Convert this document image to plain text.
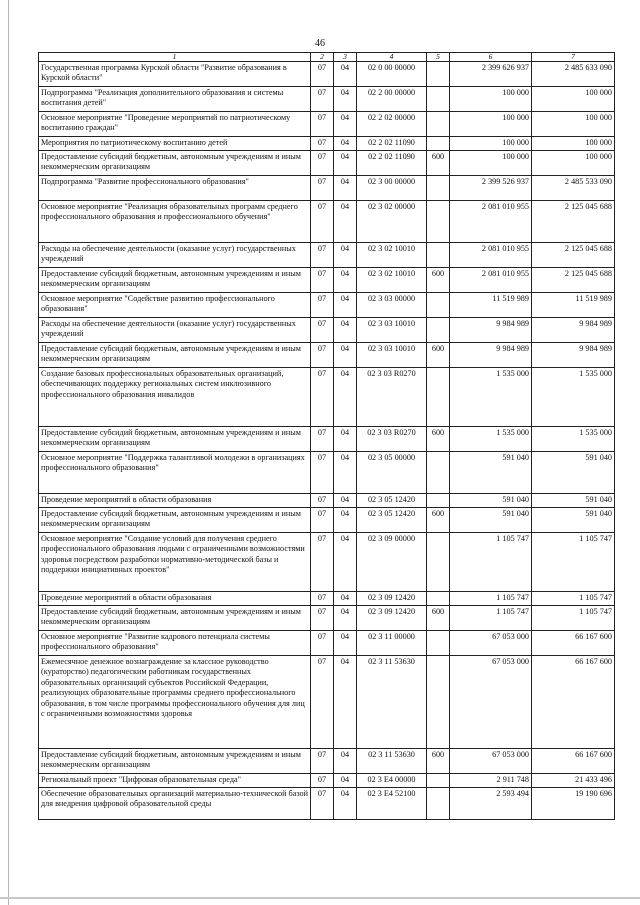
46
1	2	3	4	5	6	7
Государственная программа Курской области "Развитие образования в Курской области"	07	04	02 0 00 00000		2 399 626 937	2 485 633 090
Подпрограмма "Реализация дополнительного образования и системы воспитания детей"	07	04	02 2 00 00000		100 000	100 000
Основное мероприятие "Проведение мероприятий по патриотическому воспитанию граждан"	07	04	02 2 02 00000		100 000	100 000
Мероприятия по патриотическому воспитанию детей	07	04	02 2 02 11090		100 000	100 000
Предоставление субсидий бюджетным, автономным учреждениям и иным некоммерческим организациям	07	04	02 2 02 11090	600	100 000	100 000
Подпрограмма "Развитие профессионального образования"	07	04	02 3 00 00000		2 399 526 937	2 485 533 090
Основное мероприятие "Реализация образовательных программ среднего профессионального образования и профессионального обучения"	07	04	02 3 02 00000		2 081 010 955	2 125 045 688
Расходы на обеспечение деятельности (оказание услуг) государственных учреждений	07	04	02 3 02 10010		2 081 010 955	2 125 045 688
Предоставление субсидий бюджетным, автономным учреждениям и иным некоммерческим организациям	07	04	02 3 02 10010	600	2 081 010 955	2 125 045 688
Основное мероприятие "Содействие развитию профессионального образования"	07	04	02 3 03 00000		11 519 989	11 519 989
Расходы на обеспечение деятельности (оказание услуг) государственных учреждений	07	04	02 3 03 10010		9 984 989	9 984 989
Предоставление субсидий бюджетным, автономным учреждениям и иным некоммерческим организациям	07	04	02 3 03 10010	600	9 984 989	9 984 989
Создание базовых профессиональных образовательных организаций, обеспечивающих поддержку региональных систем инклюзивного профессионального образования инвалидов	07	04	02 3 03 R0270		1 535 000	1 535 000
Предоставление субсидий бюджетным, автономным учреждениям и иным некоммерческим организациям	07	04	02 3 03 R0270	600	1 535 000	1 535 000
Основное мероприятие "Поддержка талантливой молодежи в организациях профессионального образования"	07	04	02 3 05 00000		591 040	591 040
Проведение мероприятий в области образования	07	04	02 3 05 12420		591 040	591 040
Предоставление субсидий бюджетным, автономным учреждениям и иным некоммерческим организациям	07	04	02 3 05 12420	600	591 040	591 040
Основное мероприятие "Создание условий для получения среднего профессионального образования людьми с ограниченными возможностями здоровья посредством разработки нормативно-методической базы и поддержки инициативных проектов"	07	04	02 3 09 00000		1 105 747	1 105 747
Проведение мероприятий в области образования	07	04	02 3 09 12420		1 105 747	1 105 747
Предоставление субсидий бюджетным, автономным учреждениям и иным некоммерческим организациям	07	04	02 3 09 12420	600	1 105 747	1 105 747
Основное мероприятие "Развитие кадрового потенциала системы профессионального образования"	07	04	02 3 11 00000		67 053 000	66 167 600
Ежемесячное денежное вознаграждение за классное руководство (кураторство) педагогическим работникам государственных образовательных организаций субъектов Российской Федерации, реализующих образовательные программы среднего профессионального образования, в том числе программы профессионального обучения для лиц с ограниченными возможностями здоровья	07	04	02 3 11 53630		67 053 000	66 167 600
Предоставление субсидий бюджетным, автономным учреждениям и иным некоммерческим организациям	07	04	02 3 11 53630	600	67 053 000	66 167 600
Региональный проект "Цифровая образовательная среда"	07	04	02 3 E4 00000		2 911 748	21 433 496
Обеспечение образовательных организаций материально-технической базой для внедрения цифровой образовательной среды	07	04	02 3 E4 52100		2 593 494	19 190 696
